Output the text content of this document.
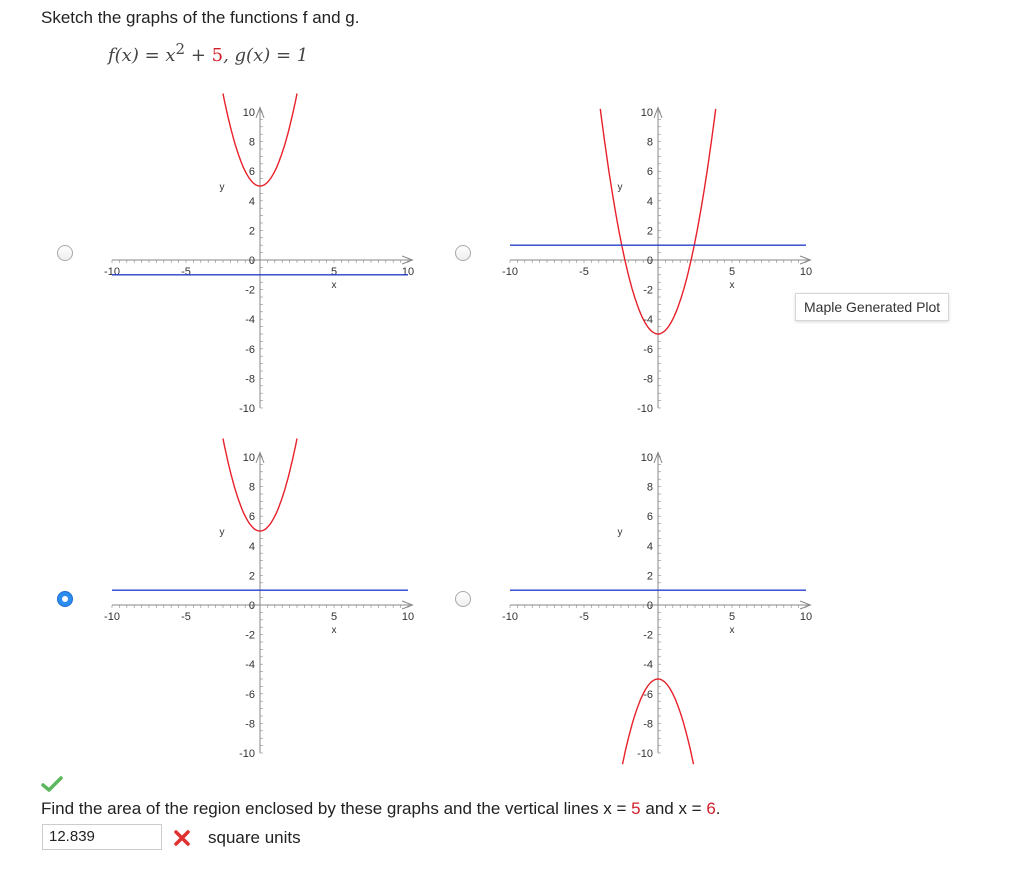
Sketch the graphs of the functions f and g.
$f(x) = x^2 + 5$, g(x) = 1
-10	-5	5	10
10
8
6
4
2
0
-2
-4
-6
-8
-10
x
y
-10	-5	5	10
10
8
6
4
2
0
-2
-4
-6
-8
-10
x
y
-10	-5	5	10
10
8
6
4
2
0
-2
-4
-6
-8
-10
x
y
-10	-5	5	10
10
8
6
4
2
0
-2
-4
-6
-8
-10
x
y
Maple Generated Plot
Find the area of the region enclosed by these graphs and the vertical lines x = 5 and x = 6.
12.839	square units
